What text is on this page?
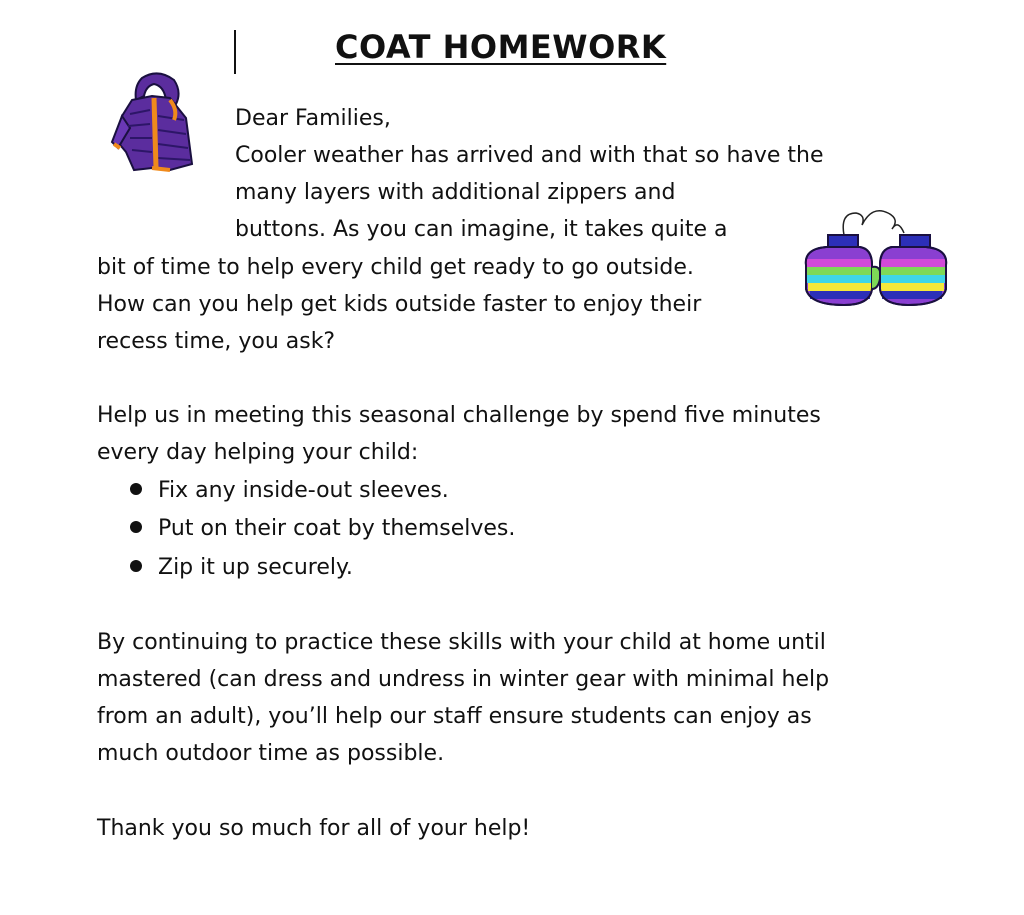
COAT HOMEWORK
Dear Families,
Cooler weather has arrived and with that so have the
many layers with additional zippers and
buttons. As you can imagine, it takes quite a
bit of time to help every child get ready to go outside.
How can you help get kids outside faster to enjoy their
recess time, you ask?
Help us in meeting this seasonal challenge by spend five minutes
every day helping your child:
Fix any inside-out sleeves.
Put on their coat by themselves.
Zip it up securely.
By continuing to practice these skills with your child at home until
mastered (can dress and undress in winter gear with minimal help
from an adult), you’ll help our staff ensure students can enjoy as
much outdoor time as possible.
Thank you so much for all of your help!
